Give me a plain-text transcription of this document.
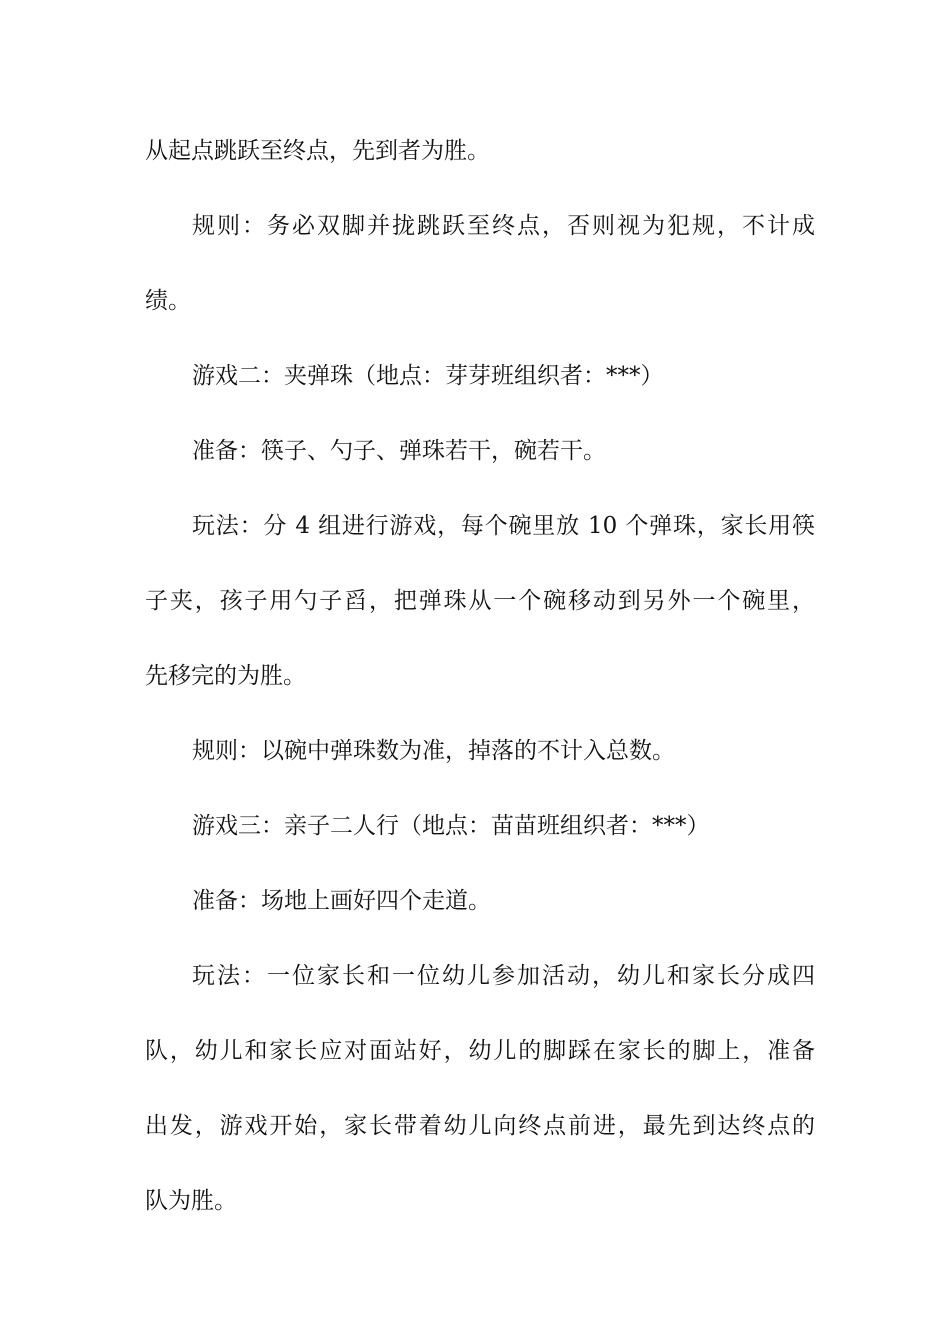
从起点跳跃至终点，先到者为胜。
规则：务必双脚并拢跳跃至终点，否则视为犯规，不计成
绩。
游戏二：夹弹珠（地点：芽芽班组织者：***）
准备：筷子、勺子、弹珠若干，碗若干。
玩法：分 4 组进行游戏，每个碗里放 10 个弹珠，家长用筷
子夹，孩子用勺子舀，把弹珠从一个碗移动到另外一个碗里，
先移完的为胜。
规则：以碗中弹珠数为准，掉落的不计入总数。
游戏三：亲子二人行（地点：苗苗班组织者：***）
准备：场地上画好四个走道。
玩法：一位家长和一位幼儿参加活动，幼儿和家长分成四
队，幼儿和家长应对面站好，幼儿的脚踩在家长的脚上，准备
出发，游戏开始，家长带着幼儿向终点前进，最先到达终点的
队为胜。
